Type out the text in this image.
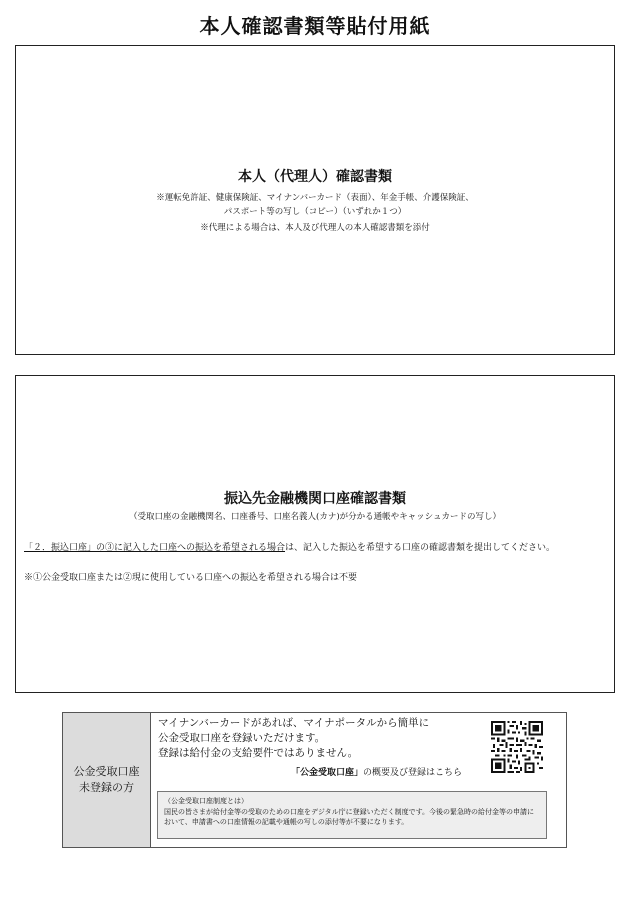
本人確認書類等貼付用紙
本人（代理人）確認書類
※運転免許証、健康保険証、マイナンバーカード（表面）、年金手帳、介護保険証、
パスポート等の写し（コピー）（いずれか１つ）
※代理による場合は、本人及び代理人の本人確認書類を添付
振込先金融機関口座確認書類
（受取口座の金融機関名、口座番号、口座名義人(カナ)が分かる通帳やキャッシュカードの写し）
「２．振込口座」の③に記入した口座への振込を希望される場合は、記入した振込を希望する口座の確認書類を提出してください。
※①公金受取口座または②現に使用している口座への振込を希望される場合は不要
公金受取口座
未登録の方
マイナンバーカードがあれば、マイナポータルから簡単に
公金受取口座を登録いただけます。
登録は給付金の支給要件ではありません。
「公金受取口座」の概要及び登録はこちら
（公金受取口座制度とは）
国民の皆さまが給付金等の受取のための口座をデジタル庁に登録いただく制度です。今後の緊急時の給付金等の申請において、申請書への口座情報の記載や通帳の写しの添付等が不要になります。
